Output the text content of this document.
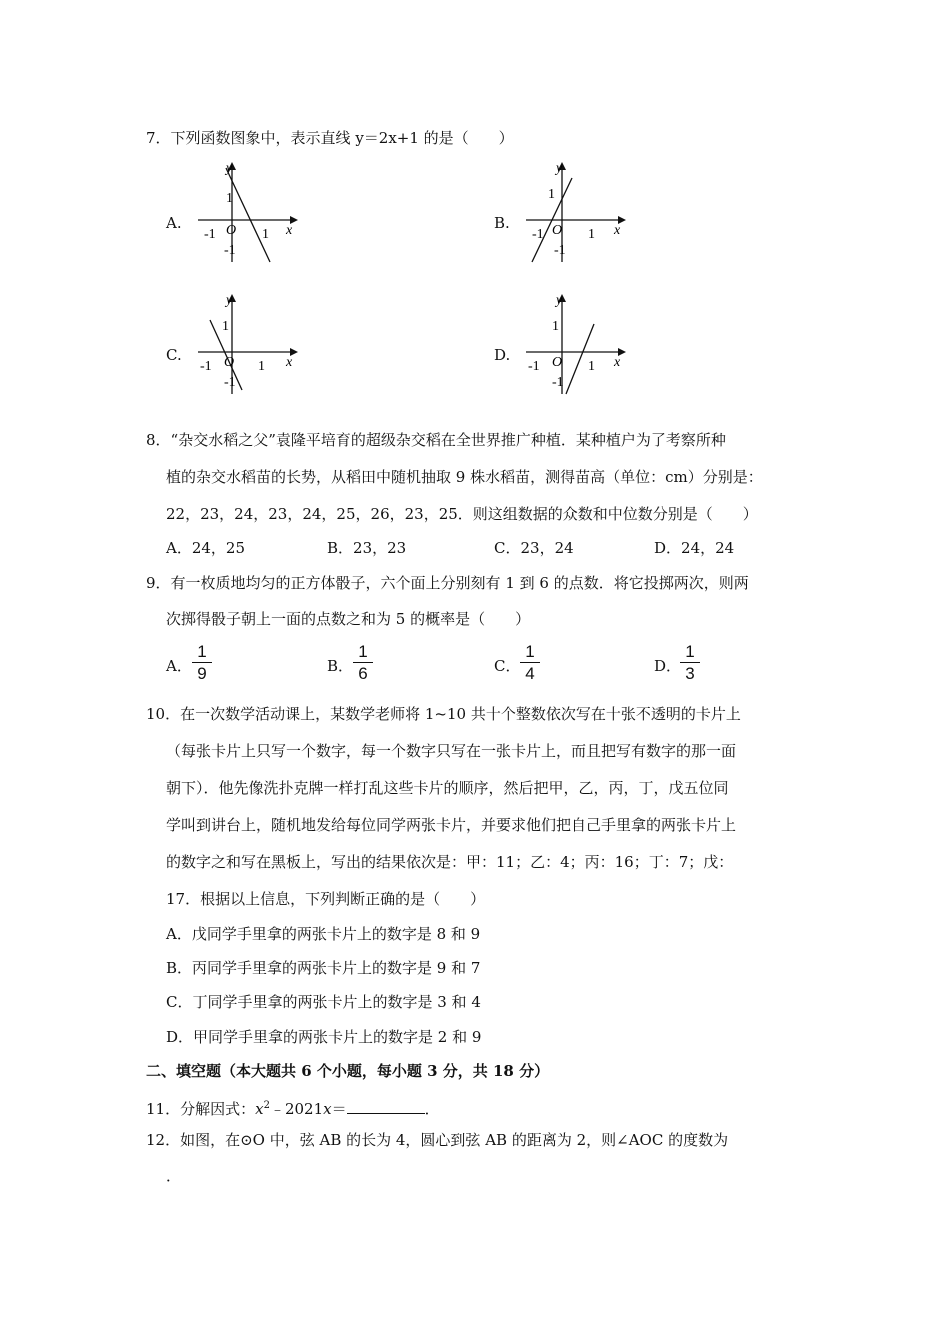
7．下列函数图象中，表示直线 y＝2x+1 的是（　　）
A.
y
x
1
-1 O 1
-1
B.
y
x
1
-1 O 1
-1
C.
y
x
1
-1 O 1
-1
D.
y
x
1
-1 O 1
-1
8．“杂交水稻之父”袁隆平培育的超级杂交稻在全世界推广种植．某种植户为了考察所种
植的杂交水稻苗的长势，从稻田中随机抽取 9 株水稻苗，测得苗高（单位：cm）分别是：
22，23，24，23，24，25，26，23，25．则这组数据的众数和中位数分别是（　　）
A．24，25	B．23，23	C．23，24	D．24，24
9．有一枚质地均匀的正方体骰子，六个面上分别刻有 1 到 6 的点数．将它投掷两次，则两
次掷得骰子朝上一面的点数之和为 5 的概率是（　　）
A．
1
9	B．
1
6	C．
1
4	D．
1
3
10．在一次数学活动课上，某数学老师将 1~10 共十个整数依次写在十张不透明的卡片上
（每张卡片上只写一个数字，每一个数字只写在一张卡片上，而且把写有数字的那一面
朝下）．他先像洗扑克牌一样打乱这些卡片的顺序，然后把甲，乙，丙，丁，戊五位同
学叫到讲台上，随机地发给每位同学两张卡片，并要求他们把自己手里拿的两张卡片上
的数字之和写在黑板上，写出的结果依次是：甲：11；乙：4；丙：16；丁：7；戊：
17．根据以上信息，下列判断正确的是（　　）
A．戊同学手里拿的两张卡片上的数字是 8 和 9
B．丙同学手里拿的两张卡片上的数字是 9 和 7
C．丁同学手里拿的两张卡片上的数字是 3 和 4
D．甲同学手里拿的两张卡片上的数字是 2 和 9
二、填空题（本大题共 6 个小题，每小题 3 分，共 18 分）
11．分解因式：$x^2﹣2021x=$	．
12．如图，在⊙O 中，弦 AB 的长为 4，圆心到弦 AB 的距离为 2，则∠AOC 的度数为
．
